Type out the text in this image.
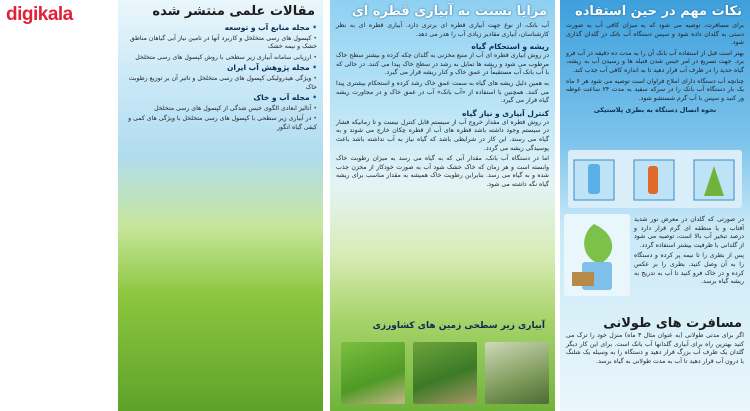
digikala	نکات مهم در حین استفاده

برای مسافرت، توصیه می شود که به میزان کافی آب به صورت دستی به گلدان داده شود و سپس دستگاه آب بانک در گلدان گذاری شود.

بهتر است قبل از استفاده آب بانک آن را به مدت ده دقیقه در آب فرو برد. جهت تسریع در امر خیس شدن فتیله ها و رسیدن آب به ریشه، گیاه جدید را در ظرف آب قرار دهید تا به اندازه کافی آب جذب کند.

چنانچه آب دستگاه دارای املاح فراوان است توصیه می شود هر ۶ ماه یک بار دستگاه آب بانک را در سرکه سفید به مدت ۲۴ ساعت غوطه ور کنید و سپس با آب گرم شستشو شود.

نحوه اتصال دستگاه به بطری پلاستیکی

در صورتی که گلدان در معرض نور شدید آفتاب و یا منطقه ای گرم قرار دارد و درصد تبخیر آب بالا است، توصیه می شود از گلدانی با ظرفیت بیشتر استفاده گردد.

پس از بطری را تا نیمه پر کرده و دستگاه را به آن وصل کنید. بطری را بر عکس کرده و در خاک فرو کنید تا آب به تدریج به ریشه گیاه برسد.

مسافرت های طولانی

اگر برای مدتی طولانی (به عنوان مثال ۳ ماه) منزل خود را ترک می کنید بهترین راه برای آبیاری گلدانها آب بانک است. برای این کار دیگر گلدان یک ظرف آب بزرگ قرار دهید و دستگاه را به وسیله یک شلنگ با درون آب قرار دهید تا آب به مدت طولانی به گیاه برسد.

مزایا نسبت به آبیاری قطره ای

آب بانک، از نوع جهت آبیاری قطره ای برتری دارد. آبیاری قطره ای به نظر کارشناسان، آبیاری مقادیر زیادی آب را هدر می دهد.

ریشه و استحکام گیاه

در روش آبیاری قطره ای آب از منبع مخزنی به گلدان چکه کرده و بیشتر سطح خاک مرطوب می شود و ریشه ها تمایل به رشد در سطح خاک پیدا می کنند. در حالی که با آب بانک آب مستقیماً در عمق خاک و کنار ریشه قرار می گیرد.

به همین دلیل ریشه های گیاه به سمت عمق خاک رشد کرده و استحکام بیشتری پیدا می کنند. همچنین با استفاده از «آب بانک» آب در عمق خاک و در مجاورت ریشه گیاه قرار می گیرد.

کنترل آبیاری و نیاز گیاه

در روش قطره ای مقدار خروج آب از سیستم قابل کنترل نیست و تا زمانیکه فشار در سیستم وجود داشته باشد قطره های آب از قطره چکان خارج می شوند و به گیاه می رسند. این کار در شرایطی باشد که گیاه نیاز به آب نداشته باشد باعث پوسیدگی ریشه می گردد.

اما در دستگاه آب بانک، مقدار آبی که به گیاه می رسد به میزان رطوبت خاک وابسته است و هر زمان که خاک خشک شود آب به صورت خودکار از مخزن جذب شده و به گیاه می رسد. بنابراین رطوبت خاک همیشه به مقدار مناسب برای ریشه گیاه نگه داشته می شود.

آبیاری زیر سطحی زمین های کشاورزی
مقالات علمی منتشر شده
• مجله منابع آب و توسعه
• کپسول های رسی متخلخل و کاربرد آنها در تامین نیاز آبی گیاهان مناطق خشک و نیمه خشک
• ارزیابی سامانه آبیاری زیر سطحی با روش کپسول های رسی متخلخل
• مجله پژوهش آب ایران
• ویژگی هیدرولیکی کپسول های رسی متخلخل و تاثیر آن بر توزیع رطوبت خاک
• مجله آب و خاک
• آنالیز ابعادی الگوی خیس شدگی از کپسول های رسی متخلخل
• در آبیاری زیر سطحی با کپسول های رسی متخلخل با ویژگی های کمی و کیفی گیاه انگور
